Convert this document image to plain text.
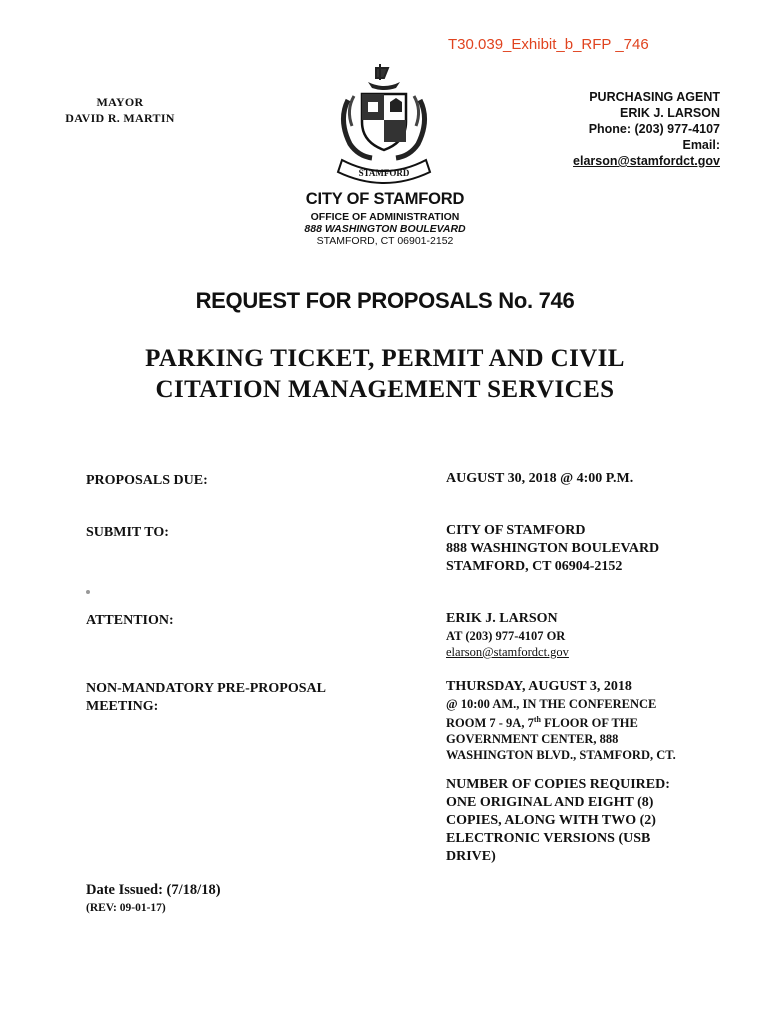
T30.039_Exhibit_b_RFP _746
MAYOR
DAVID R. MARTIN
STAMFORD
PURCHASING AGENT
ERIK J. LARSON
Phone: (203) 977-4107
Email:
elarson@stamfordct.gov
CITY OF STAMFORD
OFFICE OF ADMINISTRATION
888 WASHINGTON BOULEVARD
STAMFORD, CT 06901-2152
REQUEST FOR PROPOSALS No. 746
PARKING TICKET, PERMIT AND CIVIL
CITATION MANAGEMENT SERVICES
PROPOSALS DUE:	AUGUST 30, 2018 @ 4:00 P.M.
SUBMIT TO:	CITY OF STAMFORD
888 WASHINGTON BOULEVARD
STAMFORD, CT 06904-2152
ATTENTION:	ERIK J. LARSON
AT (203) 977-4107 OR
elarson@stamfordct.gov
NON-MANDATORY PRE-PROPOSAL
MEETING:
THURSDAY, AUGUST 3, 2018
@ 10:00 AM., IN THE CONFERENCE
ROOM 7 - 9A, 7th FLOOR OF THE
GOVERNMENT CENTER, 888
WASHINGTON BLVD., STAMFORD, CT.
NUMBER OF COPIES REQUIRED:
ONE ORIGINAL AND EIGHT (8)
COPIES, ALONG WITH TWO (2)
ELECTRONIC VERSIONS (USB
DRIVE)
Date Issued: (7/18/18)
(REV: 09-01-17)
